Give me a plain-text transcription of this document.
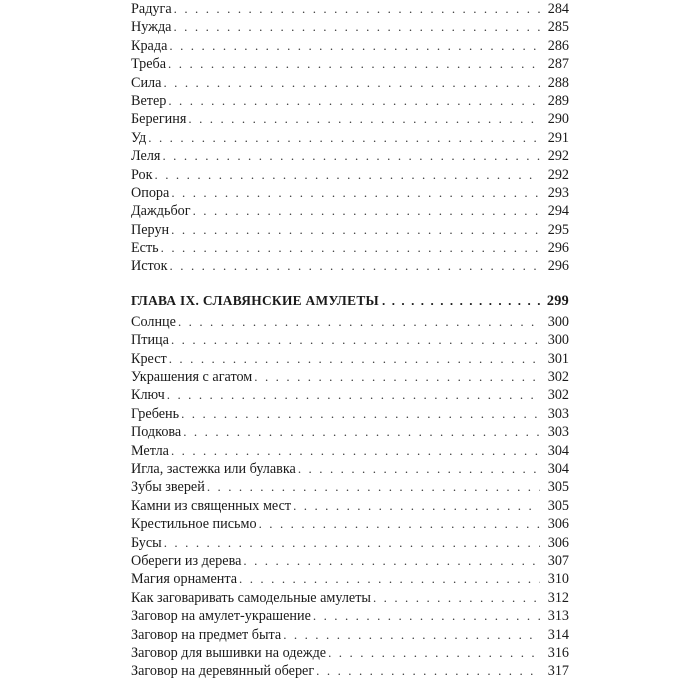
Радуга . . .	284
Нужда . . .	285
Крада . . .	286
Треба . . .	287
Сила . . .	288
Ветер . . .	289
Берегиня . . .	290
Уд . . .	291
Леля . . .	292
Рок . . .	292
Опора . . .	293
Даждьбог . . .	294
Перун . . .	295
Есть . . .	296
Исток . . .	296
ГЛАВА IX. СЛАВЯНСКИЕ АМУЛЕТЫ . . .	299
Солнце . . .	300
Птица . . .	300
Крест . . .	301
Украшения с агатом . . .	302
Ключ . . .	302
Гребень . . .	303
Подкова . . .	303
Метла . . .	304
Игла, застежка или булавка . . .	304
Зубы зверей . . .	305
Камни из священных мест . . .	305
Крестильное письмо . . .	306
Бусы . . .	306
Обереги из дерева . . .	307
Магия орнамента . . .	310
Как заговаривать самодельные амулеты . . .	312
Заговор на амулет-украшение . . .	313
Заговор на предмет быта . . .	314
Заговор для вышивки на одежде . . .	316
Заговор на деревянный оберег . . .	317
